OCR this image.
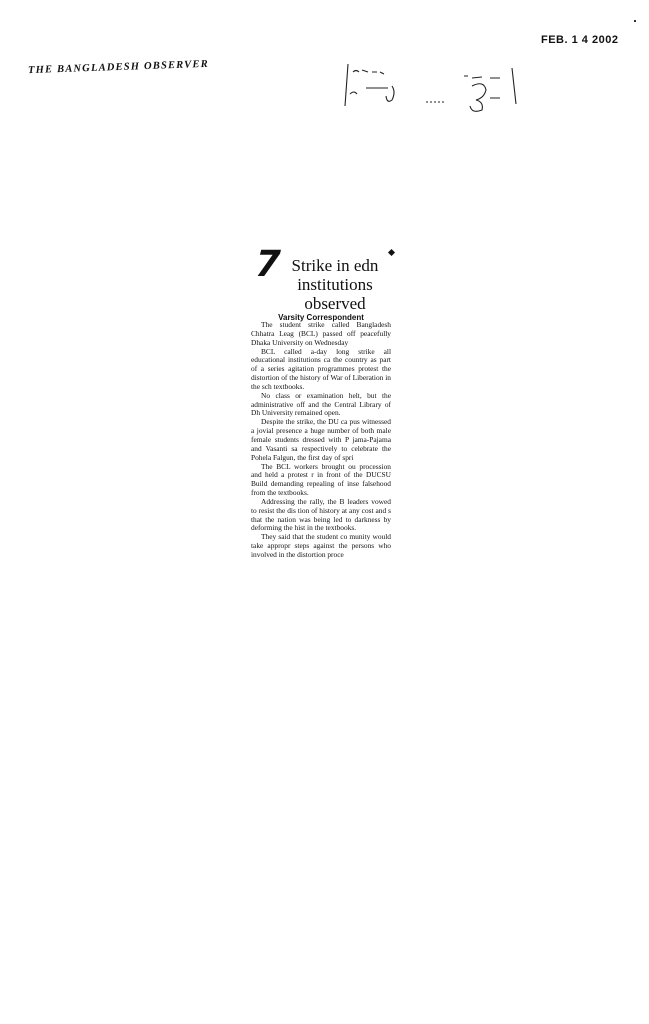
FEB. 1 4 2002
THE BANGLADESH OBSERVER
7 Strike in edn institutions observed
Varsity Correspondent

The student strike called Bangladesh Chhatra Leag (BCL) passed off peacefully Dhaka University on Wednesday

BCL called a-day long strike all educational institutions ca the country as part of a series agitation programmes protest the distortion of the history of War of Liberation in the sch textbooks.

No class or examination helt, but the administrative off and the Central Library of Dh University remained open.

Despite the strike, the DU ca pus witnessed a jovial presence a huge number of both male female students dressed with P jama-Pajama and Vasanti sa respectively to celebrate the Pohela Falgun, the first day of spri

The BCL workers brought ou procession and held a protest r in front of the DUCSU Build demanding repealing of inse falsehood from the textbooks.

Addressing the rally, the B leaders vowed to resist the dis tion of history at any cost and s that the nation was being led to darkness by deforming the hist in the textbooks.

They said that the student co munity would take appropr steps against the persons who involved in the distortion proce
